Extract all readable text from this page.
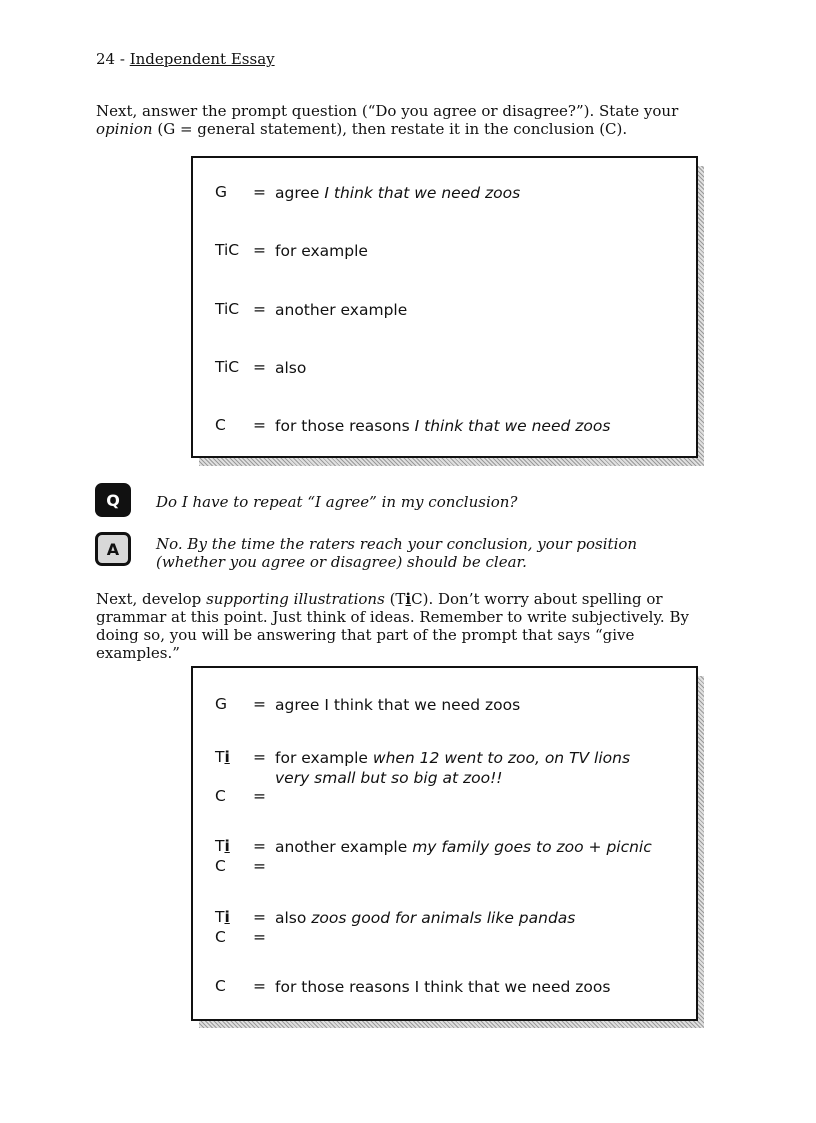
24 - Independent Essay
Next, answer the prompt question (“Do you agree or disagree?”). State your opinion (G = general statement), then restate it in the conclusion (C).
G	= agree I think that we need zoos
TiC = for example
TiC = another example
TiC = also
C	= for those reasons I think that we need zoos
Q	Do I have to repeat “I agree” in my conclusion?
A	No. By the time the raters reach your conclusion, your position (whether you agree or disagree) should be clear.
Next, develop supporting illustrations (TiC). Don’t worry about spelling or grammar at this point. Just think of ideas. Remember to write subjectively. By doing so, you will be answering that part of the prompt that says “give examples.”
G	= agree I think that we need zoos
Ti	= for example when 12 went to zoo, on TV lions
very small but so big at zoo!!
C	=
Ti	= another example my family goes to zoo + picnic
C	=
Ti	= also zoos good for animals like pandas
C	=
C	= for those reasons I think that we need zoos
